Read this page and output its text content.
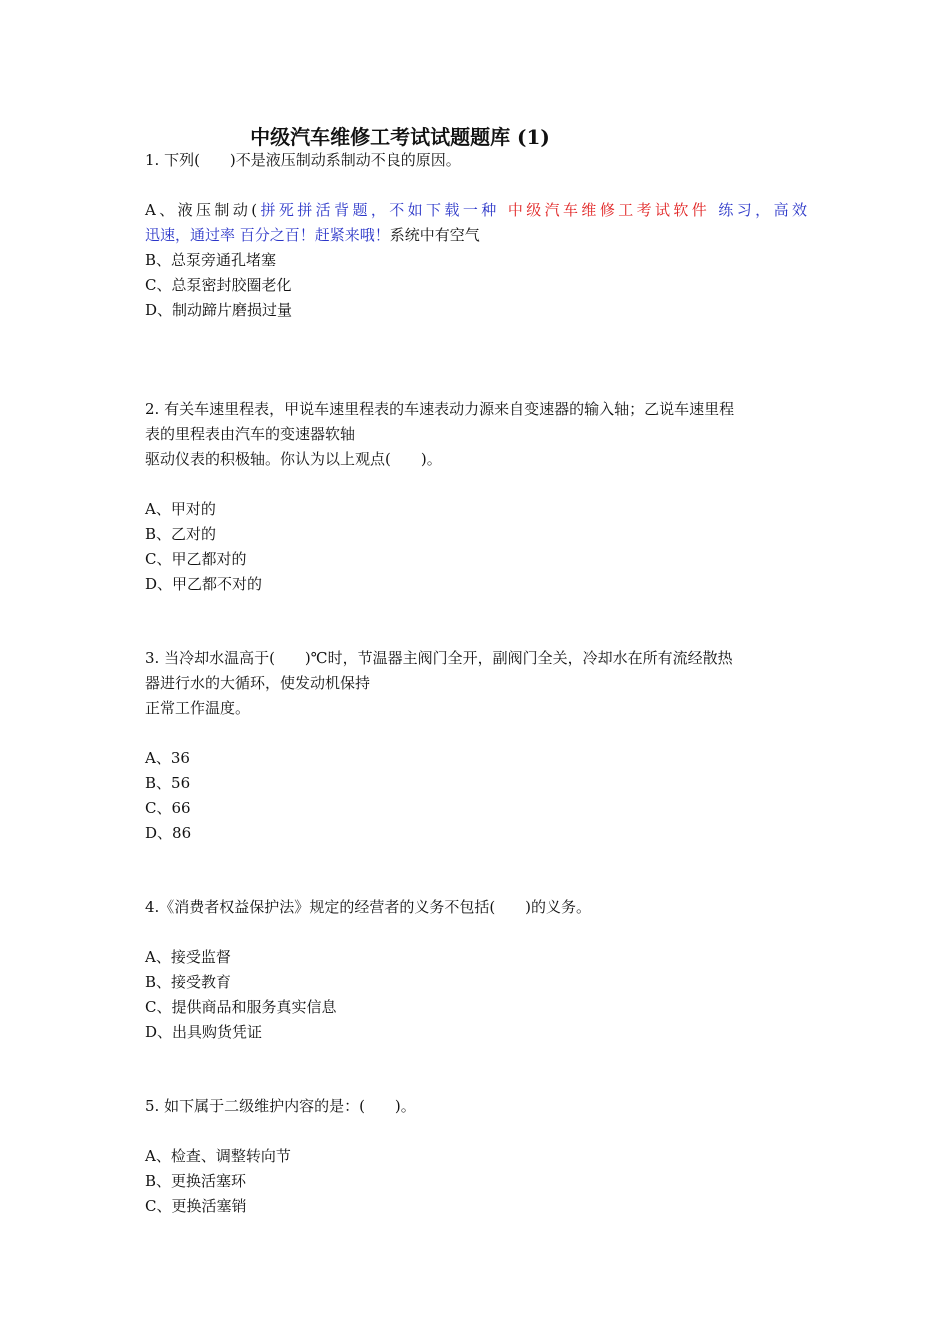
中级汽车维修工考试试题题库 (1)
1. 下列(　　)不是液压制动系制动不良的原因。
A、液压制动(拼死拼活背题，不如下载一种 中级汽车维修工考试软件 练习，高效
迅速，通过率 百分之百！赶紧来哦！系统中有空气
B、总泵旁通孔堵塞
C、总泵密封胶圈老化
D、制动蹄片磨损过量
2. 有关车速里程表，甲说车速里程表的车速表动力源来自变速器的输入轴；乙说车速里程
表的里程表由汽车的变速器软轴
驱动仪表的积极轴。你认为以上观点(　　)。
A、甲对的
B、乙对的
C、甲乙都对的
D、甲乙都不对的
3. 当冷却水温高于(　　)℃时，节温器主阀门全开，副阀门全关，冷却水在所有流经散热
器进行水的大循环，使发动机保持
正常工作温度。
A、36
B、56
C、66
D、86
4.《消费者权益保护法》规定的经营者的义务不包括(　　)的义务。
A、接受监督
B、接受教育
C、提供商品和服务真实信息
D、出具购货凭证
5. 如下属于二级维护内容的是：(　　)。
A、检查、调整转向节
B、更换活塞环
C、更换活塞销
